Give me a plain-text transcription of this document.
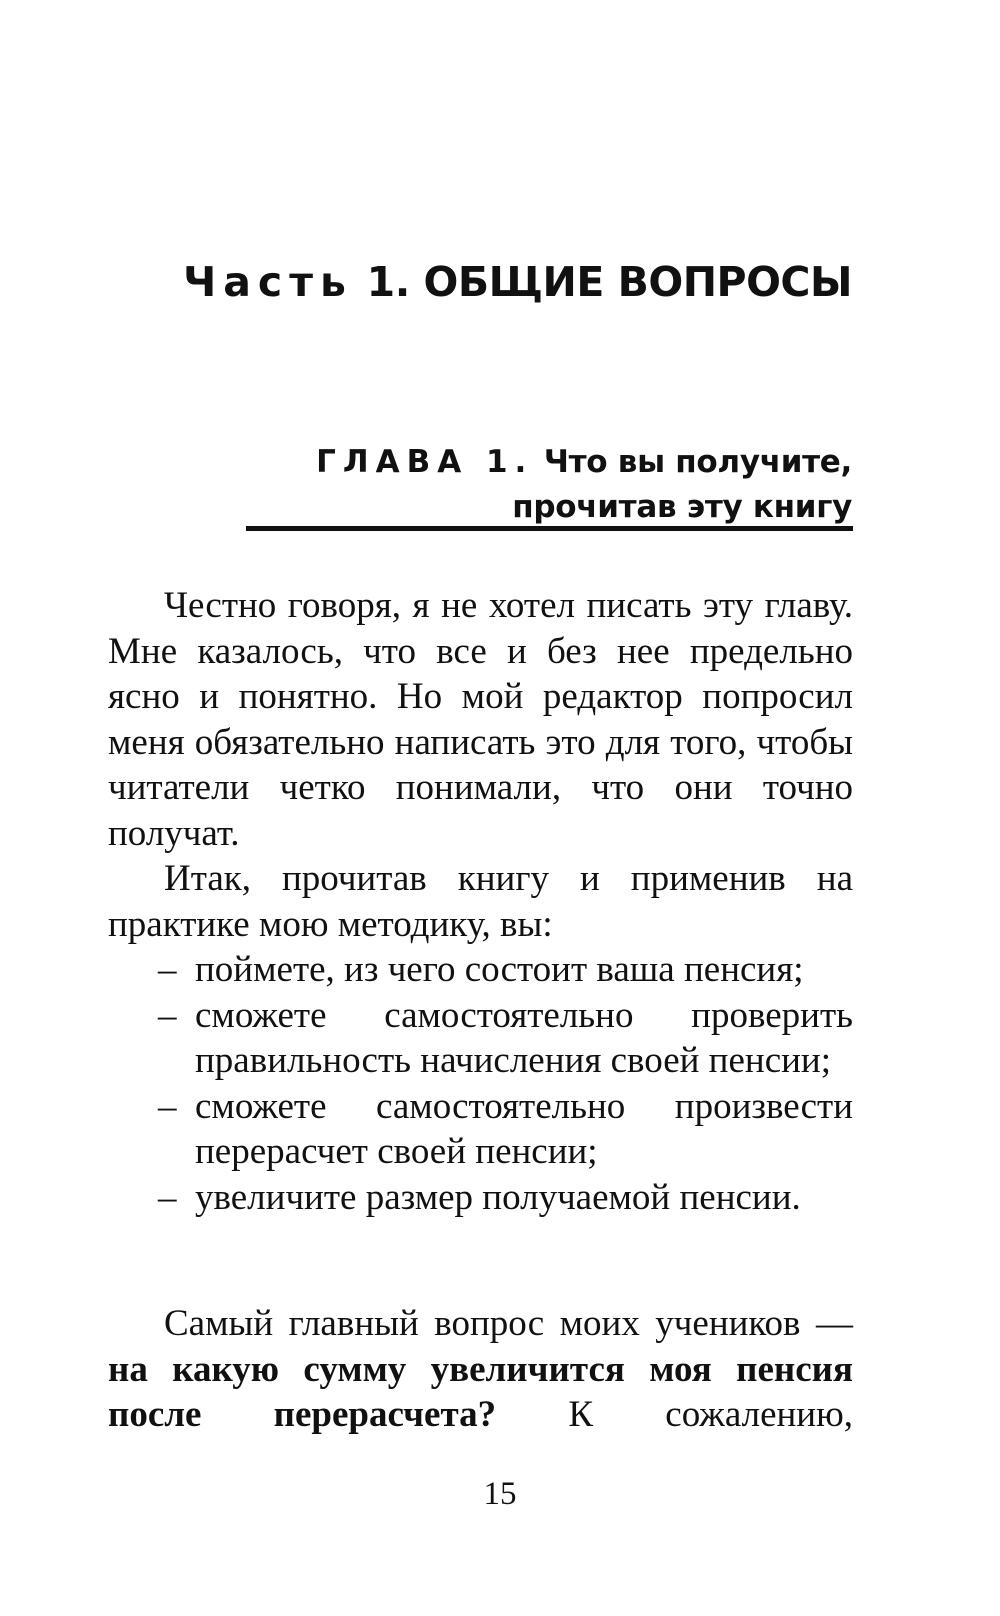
Часть 1. ОБЩИЕ ВОПРОСЫ
ГЛАВА 1. Что вы получите,
прочитав эту книгу

Честно говоря, я не хотел писать эту главу. Мне казалось, что все и без нее предельно ясно и понятно. Но мой редактор попросил меня обязательно написать это для того, чтобы читатели четко понимали, что они точно получат.

Итак, прочитав книгу и применив на практике мою методику, вы:

– поймете, из чего состоит ваша пенсия;
– сможете самостоятельно проверить правильность начисления своей пенсии;
– сможете самостоятельно произвести перерасчет своей пенсии;
– увеличите размер получаемой пенсии.

Самый главный вопрос моих учеников — на какую сумму увеличится моя пенсия после перерасчета? К сожалению,

15
